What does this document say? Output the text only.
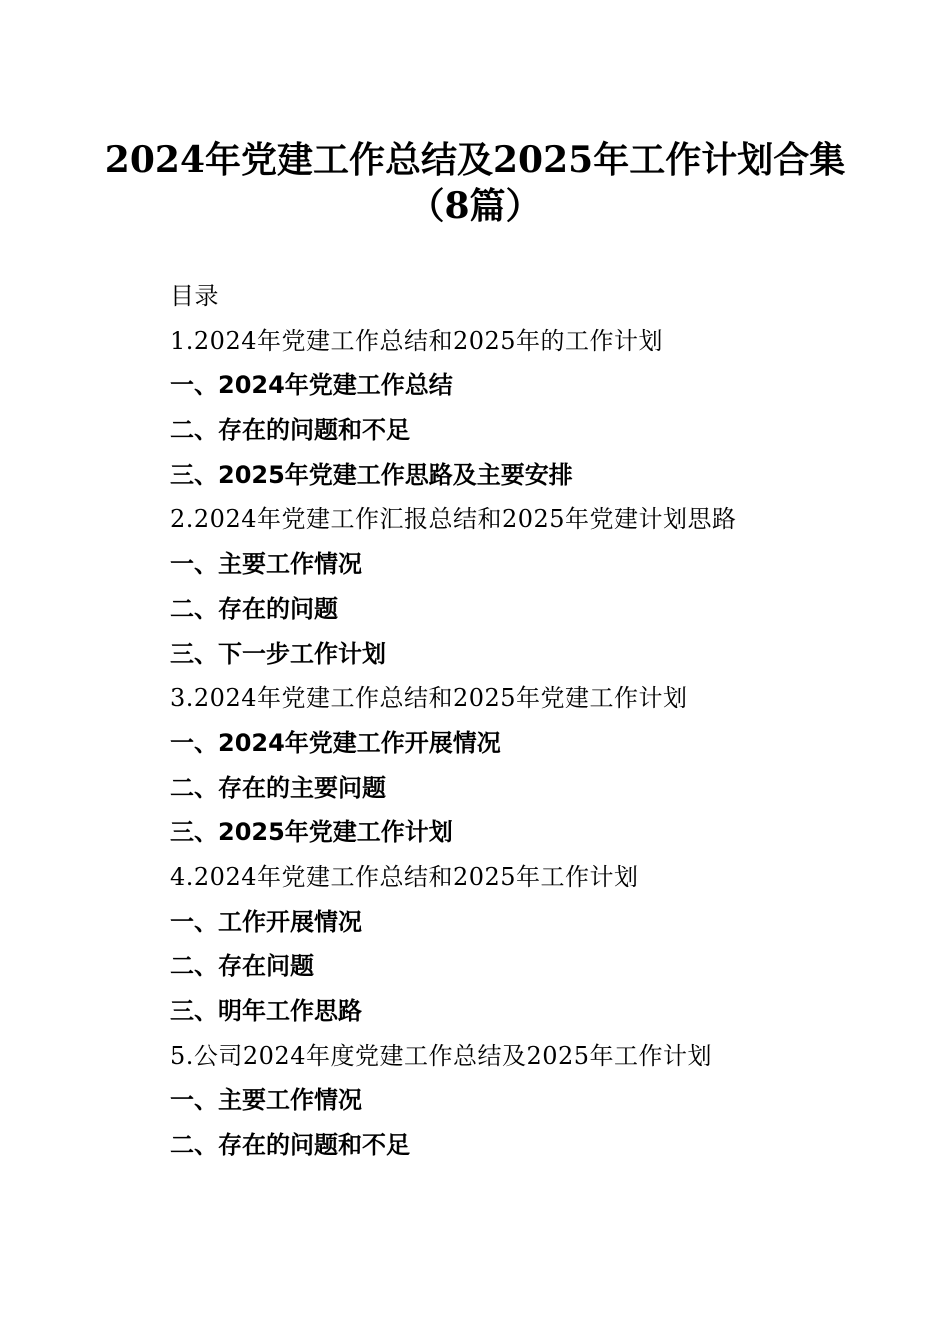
2024年党建工作总结及2025年工作计划合集
（8篇）
目录
1.2024年党建工作总结和2025年的工作计划
一、2024年党建工作总结
二、存在的问题和不足
三、2025年党建工作思路及主要安排
2.2024年党建工作汇报总结和2025年党建计划思路
一、主要工作情况
二、存在的问题
三、下一步工作计划
3.2024年党建工作总结和2025年党建工作计划
一、2024年党建工作开展情况
二、存在的主要问题
三、2025年党建工作计划
4.2024年党建工作总结和2025年工作计划
一、工作开展情况
二、存在问题
三、明年工作思路
5.公司2024年度党建工作总结及2025年工作计划
一、主要工作情况
二、存在的问题和不足
